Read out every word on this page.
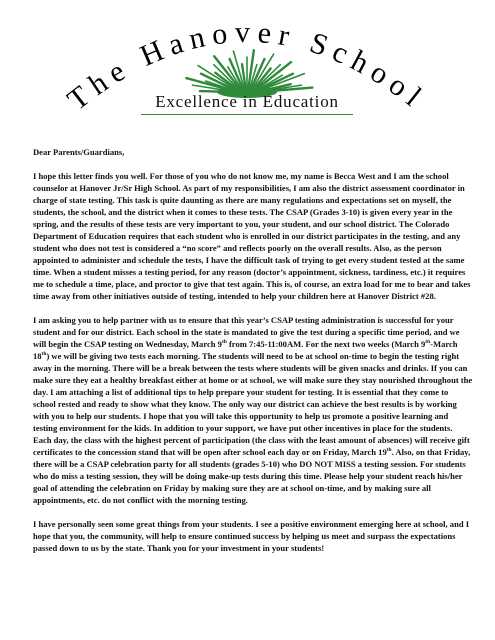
The Hanover School
Excellence in Education

Dear Parents/Guardians,

I hope this letter finds you well. For those of you who do not know me, my name is Becca West and I am the school counselor at Hanover Jr/Sr High School. As part of my responsibilities, I am also the district assessment coordinator in charge of state testing. This task is quite daunting as there are many regulations and expectations set on myself, the students, the school, and the district when it comes to these tests. The CSAP (Grades 3-10) is given every year in the spring, and the results of these tests are very important to you, your student, and our school district. The Colorado Department of Education requires that each student who is enrolled in our district participates in the testing, and any student who does not test is considered a “no score” and reflects poorly on the overall results. Also, as the person appointed to administer and schedule the tests, I have the difficult task of trying to get every student tested at the same time. When a student misses a testing period, for any reason (doctor’s appointment, sickness, tardiness, etc.) it requires me to schedule a time, place, and proctor to give that test again. This is, of course, an extra load for me to bear and takes time away from other initiatives outside of testing, intended to help your children here at Hanover District #28.

I am asking you to help partner with us to ensure that this year’s CSAP testing administration is successful for your student and for our district. Each school in the state is mandated to give the test during a specific time period, and we will begin the CSAP testing on Wednesday, March 9th from 7:45-11:00AM. For the next two weeks (March 9th-March 18th) we will be giving two tests each morning. The students will need to be at school on-time to begin the testing right away in the morning. There will be a break between the tests where students will be given snacks and drinks. If you can make sure they eat a healthy breakfast either at home or at school, we will make sure they stay nourished throughout the day. I am attaching a list of additional tips to help prepare your student for testing. It is essential that they come to school rested and ready to show what they know. The only way our district can achieve the best results is by working with you to help our students. I hope that you will take this opportunity to help us promote a positive learning and testing environment for the kids. In addition to your support, we have put other incentives in place for the students. Each day, the class with the highest percent of participation (the class with the least amount of absences) will receive gift certificates to the concession stand that will be open after school each day or on Friday, March 19th. Also, on that Friday, there will be a CSAP celebration party for all students (grades 5-10) who DO NOT MISS a testing session. For students who do miss a testing session, they will be doing make-up tests during this time. Please help your student reach his/her goal of attending the celebration on Friday by making sure they are at school on-time, and by making sure all appointments, etc. do not conflict with the morning testing.

I have personally seen some great things from your students. I see a positive environment emerging here at school, and I hope that you, the community, will help to ensure continued success by helping us meet and surpass the expectations passed down to us by the state. Thank you for your investment in your students!
